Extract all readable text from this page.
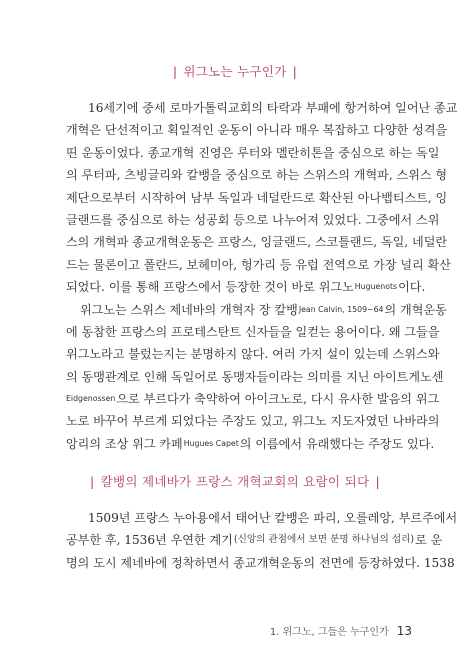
| 위그노는 누구인가 |
16세기에 중세 로마가톨릭교회의 타락과 부패에 항거하여 일어난 종교
개혁은 단선적이고 획일적인 운동이 아니라 매우 복잡하고 다양한 성격을
띤 운동이었다. 종교개혁 진영은 루터와 멜란히톤을 중심으로 하는 독일
의 루터파, 츠빙글리와 칼뱅을 중심으로 하는 스위스의 개혁파, 스위스 형
제단으로부터 시작하여 남부 독일과 네덜란드로 확산된 아나뱁티스트, 잉
글랜드를 중심으로 하는 성공회 등으로 나누어져 있었다. 그중에서 스위
스의 개혁파 종교개혁운동은 프랑스, 잉글랜드, 스코틀랜드, 독일, 네덜란
드는 물론이고 폴란드, 보헤미아, 헝가리 등 유럽 전역으로 가장 널리 확산
되었다. 이를 통해 프랑스에서 등장한 것이 바로 위그노Huguenots이다.
위그노는 스위스 제네바의 개혁자 장 칼뱅Jean Calvin, 1509~64의 개혁운동
에 동참한 프랑스의 프로테스탄트 신자들을 일컫는 용어이다. 왜 그들을
위그노라고 불렀는지는 분명하지 않다. 여러 가지 설이 있는데 스위스와
의 동맹관계로 인해 독일어로 동맹자들이라는 의미를 지닌 아이트게노센
Eidgenossen으로 부르다가 축약하여 아이크노로, 다시 유사한 발음의 위그
노로 바꾸어 부르게 되었다는 주장도 있고, 위그노 지도자였던 나바라의
앙리의 조상 위그 카페Hugues Capet의 이름에서 유래했다는 주장도 있다.
| 칼뱅의 제네바가 프랑스 개혁교회의 요람이 되다 |
1509년 프랑스 누아용에서 태어난 칼뱅은 파리, 오를레앙, 부르주에서
공부한 후, 1536년 우연한 계기(신앙의 관점에서 보면 분명 하나님의 섭리)로 운
명의 도시 제네바에 정착하면서 종교개혁운동의 전면에 등장하였다. 1538
1. 위그노, 그들은 누구인가 13
